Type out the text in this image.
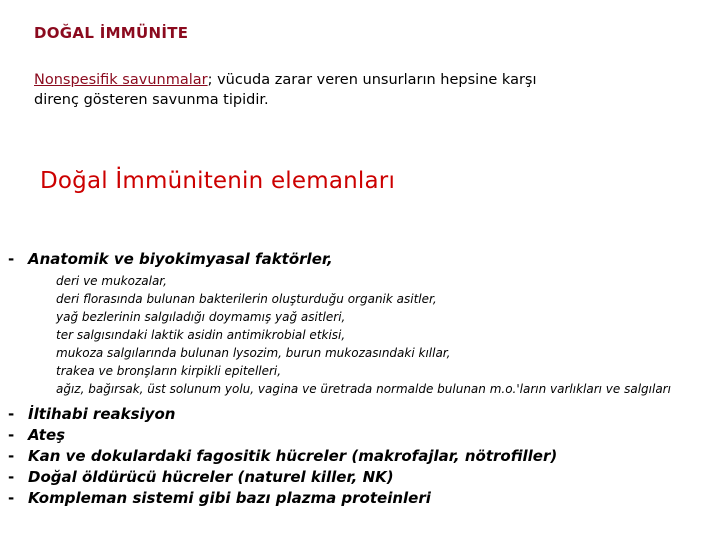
DOĞAL İMMÜNİTE
Nonspesifik savunmalar; vücuda zarar veren unsurların hepsine karşı
direnç gösteren savunma tipidir.
Doğal İmmünitenin elemanları
- Anatomik ve biyokimyasal faktörler,
deri ve mukozalar,
deri florasında bulunan bakterilerin oluşturduğu organik asitler,
yağ bezlerinin salgıladığı doymamış yağ asitleri,
ter salgısındaki laktik asidin antimikrobial etkisi,
mukoza salgılarında bulunan lysozim, burun mukozasındaki kıllar,
trakea ve bronşların kirpikli epitelleri,
ağız, bağırsak, üst solunum yolu, vagina ve üretrada normalde bulunan m.o.'ların varlıkları ve salgıları
- İltihabi reaksiyon
- Ateş
- Kan ve dokulardaki fagositik hücreler (makrofajlar, nötrofiller)
- Doğal öldürücü hücreler (naturel killer, NK)
- Kompleman sistemi gibi bazı plazma proteinleri
